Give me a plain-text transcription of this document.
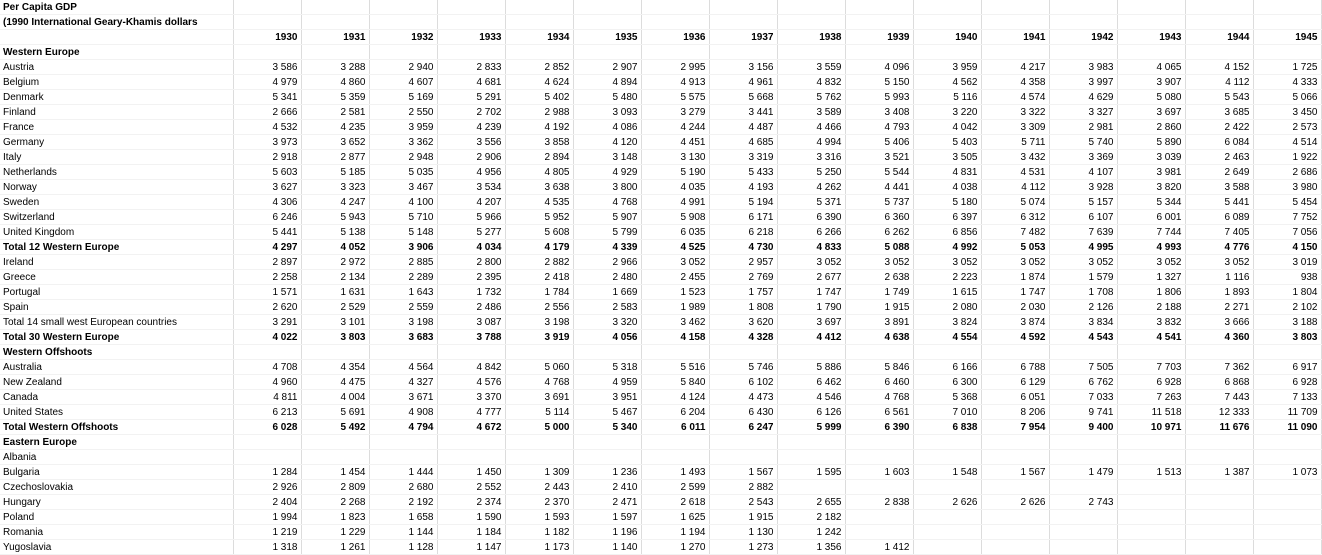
Per Capita GDP																
(1990 International Geary-Khamis dollars																
	1930	1931	1932	1933	1934	1935	1936	1937	1938	1939	1940	1941	1942	1943	1944	1945
Western Europe																
Austria	3 586	3 288	2 940	2 833	2 852	2 907	2 995	3 156	3 559	4 096	3 959	4 217	3 983	4 065	4 152	1 725
Belgium	4 979	4 860	4 607	4 681	4 624	4 894	4 913	4 961	4 832	5 150	4 562	4 358	3 997	3 907	4 112	4 333
Denmark	5 341	5 359	5 169	5 291	5 402	5 480	5 575	5 668	5 762	5 993	5 116	4 574	4 629	5 080	5 543	5 066
Finland	2 666	2 581	2 550	2 702	2 988	3 093	3 279	3 441	3 589	3 408	3 220	3 322	3 327	3 697	3 685	3 450
France	4 532	4 235	3 959	4 239	4 192	4 086	4 244	4 487	4 466	4 793	4 042	3 309	2 981	2 860	2 422	2 573
Germany	3 973	3 652	3 362	3 556	3 858	4 120	4 451	4 685	4 994	5 406	5 403	5 711	5 740	5 890	6 084	4 514
Italy	2 918	2 877	2 948	2 906	2 894	3 148	3 130	3 319	3 316	3 521	3 505	3 432	3 369	3 039	2 463	1 922
Netherlands	5 603	5 185	5 035	4 956	4 805	4 929	5 190	5 433	5 250	5 544	4 831	4 531	4 107	3 981	2 649	2 686
Norway	3 627	3 323	3 467	3 534	3 638	3 800	4 035	4 193	4 262	4 441	4 038	4 112	3 928	3 820	3 588	3 980
Sweden	4 306	4 247	4 100	4 207	4 535	4 768	4 991	5 194	5 371	5 737	5 180	5 074	5 157	5 344	5 441	5 454
Switzerland	6 246	5 943	5 710	5 966	5 952	5 907	5 908	6 171	6 390	6 360	6 397	6 312	6 107	6 001	6 089	7 752
United Kingdom	5 441	5 138	5 148	5 277	5 608	5 799	6 035	6 218	6 266	6 262	6 856	7 482	7 639	7 744	7 405	7 056
Total 12 Western Europe	4 297	4 052	3 906	4 034	4 179	4 339	4 525	4 730	4 833	5 088	4 992	5 053	4 995	4 993	4 776	4 150
Ireland	2 897	2 972	2 885	2 800	2 882	2 966	3 052	2 957	3 052	3 052	3 052	3 052	3 052	3 052	3 052	3 019
Greece	2 258	2 134	2 289	2 395	2 418	2 480	2 455	2 769	2 677	2 638	2 223	1 874	1 579	1 327	1 116	938
Portugal	1 571	1 631	1 643	1 732	1 784	1 669	1 523	1 757	1 747	1 749	1 615	1 747	1 708	1 806	1 893	1 804
Spain	2 620	2 529	2 559	2 486	2 556	2 583	1 989	1 808	1 790	1 915	2 080	2 030	2 126	2 188	2 271	2 102
Total 14 small west European countries	3 291	3 101	3 198	3 087	3 198	3 320	3 462	3 620	3 697	3 891	3 824	3 874	3 834	3 832	3 666	3 188
Total 30 Western Europe	4 022	3 803	3 683	3 788	3 919	4 056	4 158	4 328	4 412	4 638	4 554	4 592	4 543	4 541	4 360	3 803
Western Offshoots																
Australia	4 708	4 354	4 564	4 842	5 060	5 318	5 516	5 746	5 886	5 846	6 166	6 788	7 505	7 703	7 362	6 917
New Zealand	4 960	4 475	4 327	4 576	4 768	4 959	5 840	6 102	6 462	6 460	6 300	6 129	6 762	6 928	6 868	6 928
Canada	4 811	4 004	3 671	3 370	3 691	3 951	4 124	4 473	4 546	4 768	5 368	6 051	7 033	7 263	7 443	7 133
United States	6 213	5 691	4 908	4 777	5 114	5 467	6 204	6 430	6 126	6 561	7 010	8 206	9 741	11 518	12 333	11 709
Total Western Offshoots	6 028	5 492	4 794	4 672	5 000	5 340	6 011	6 247	5 999	6 390	6 838	7 954	9 400	10 971	11 676	11 090
Eastern Europe																
Albania																
Bulgaria	1 284	1 454	1 444	1 450	1 309	1 236	1 493	1 567	1 595	1 603	1 548	1 567	1 479	1 513	1 387	1 073
Czechoslovakia	2 926	2 809	2 680	2 552	2 443	2 410	2 599	2 882								
Hungary	2 404	2 268	2 192	2 374	2 370	2 471	2 618	2 543	2 655	2 838	2 626	2 626	2 743			
Poland	1 994	1 823	1 658	1 590	1 593	1 597	1 625	1 915	2 182							
Romania	1 219	1 229	1 144	1 184	1 182	1 196	1 194	1 130	1 242							
Yugoslavia	1 318	1 261	1 128	1 147	1 173	1 140	1 270	1 273	1 356	1 412						
